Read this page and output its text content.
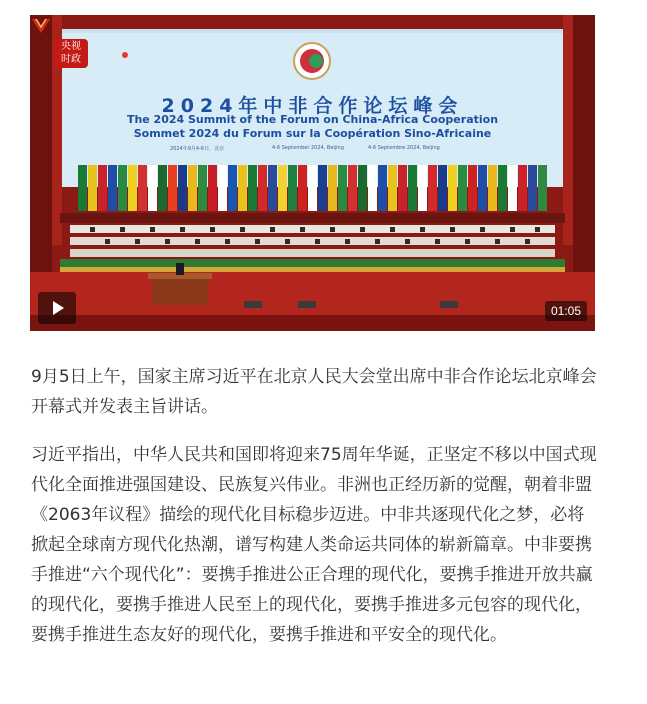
央视
时政
2024年中非合作论坛峰会
The 2024 Summit of the Forum on China-Africa Cooperation
Sommet 2024 du Forum sur la Coopération Sino-Africaine
2024年9月4-6日，北京	4-6 September 2024, Beijing	4-6 Septembre 2024, Beijing
01:05

9月5日上午，国家主席习近平在北京人民大会堂出席中非合作论坛北京峰会开幕式并发表主旨讲话。

习近平指出，中华人民共和国即将迎来75周年华诞，正坚定不移以中国式现代化全面推进强国建设、民族复兴伟业。非洲也正经历新的觉醒，朝着非盟《2063年议程》描绘的现代化目标稳步迈进。中非共逐现代化之梦，必将掀起全球南方现代化热潮，谱写构建人类命运共同体的崭新篇章。中非要携手推进“六个现代化”：要携手推进公正合理的现代化，要携手推进开放共赢的现代化，要携手推进人民至上的现代化，要携手推进多元包容的现代化，要携手推进生态友好的现代化，要携手推进和平安全的现代化。
